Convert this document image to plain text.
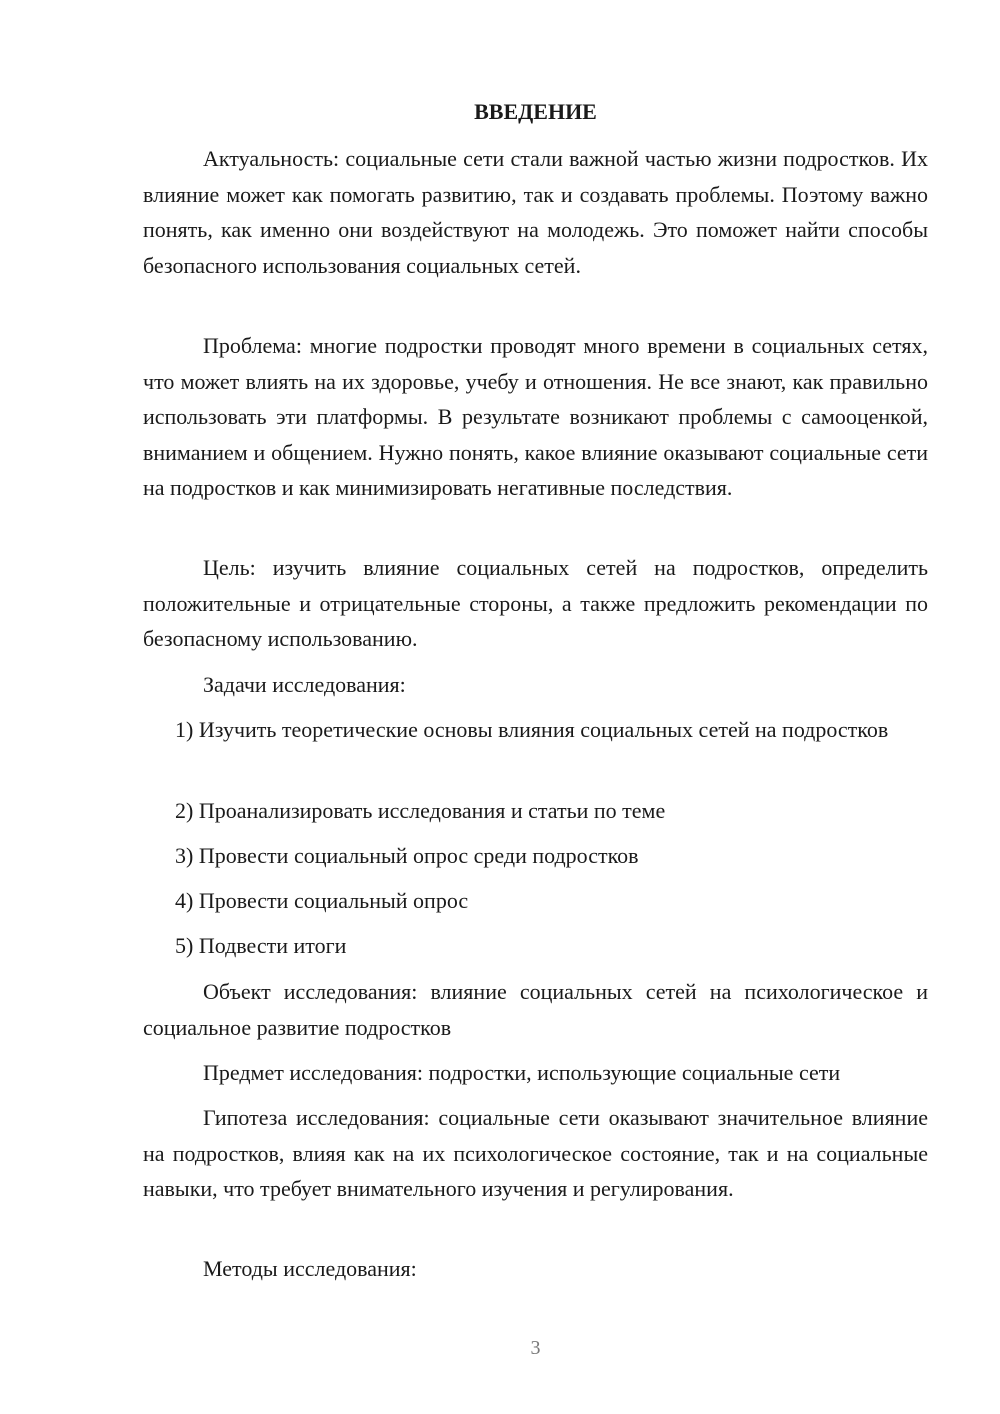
ВВЕДЕНИЕ

Актуальность: социальные сети стали важной частью жизни подростков. Их влияние может как помогать развитию, так и создавать проблемы. Поэтому важно понять, как именно они воздействуют на молодежь. Это поможет найти способы безопасного использования социальных сетей.

Проблема: многие подростки проводят много времени в социальных сетях, что может влиять на их здоровье, учебу и отношения. Не все знают, как правильно использовать эти платформы. В результате возникают проблемы с самооценкой, вниманием и общением. Нужно понять, какое влияние оказывают социальные сети на подростков и как минимизировать негативные последствия.

Цель: изучить влияние социальных сетей на подростков, определить положительные и отрицательные стороны, а также предложить рекомендации по безопасному использованию.

Задачи исследования:

1) Изучить теоретические основы влияния социальных сетей на подростков

2) Проанализировать исследования и статьи по теме

3) Провести социальный опрос среди подростков

4) Провести социальный опрос

5) Подвести итоги

Объект исследования: влияние социальных сетей на психологическое и социальное развитие подростков

Предмет исследования: подростки, использующие социальные сети

Гипотеза исследования: социальные сети оказывают значительное влияние на подростков, влияя как на их психологическое состояние, так и на социальные навыки, что требует внимательного изучения и регулирования.

Методы исследования:

3
